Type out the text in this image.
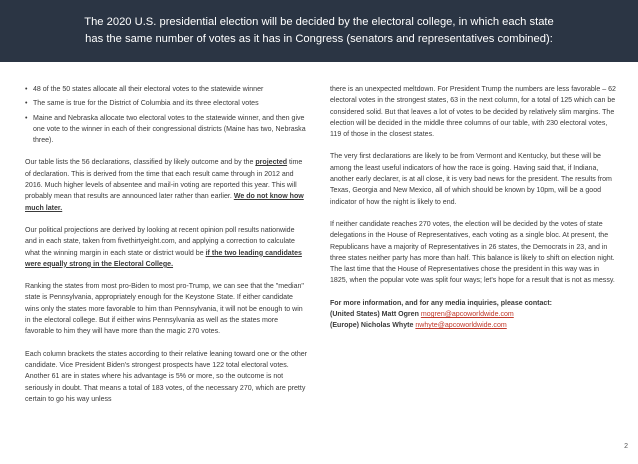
The 2020 U.S. presidential election will be decided by the electoral college, in which each state
has the same number of votes as it has in Congress (senators and representatives combined):
• 48 of the 50 states allocate all their electoral votes to the statewide winner
• The same is true for the District of Columbia and its three electoral votes
• Maine and Nebraska allocate two electoral votes to the statewide winner, and then give one vote to the winner in each of their congressional districts (Maine has two, Nebraska three).

Our table lists the 56 declarations, classified by likely outcome and by the projected time of declaration. This is derived from the time that each result came through in 2012 and 2016. Much higher levels of absentee and mail-in voting are reported this year. This will probably mean that results are announced later rather than earlier. We do not know how much later.

Our political projections are derived by looking at recent opinion poll results nationwide and in each state, taken from fivethirtyeight.com, and applying a correction to calculate what the winning margin in each state or district would be if the two leading candidates were equally strong in the Electoral College.

Ranking the states from most pro-Biden to most pro-Trump, we can see that the "median" state is Pennsylvania, appropriately enough for the Keystone State. If either candidate wins only the states more favorable to him than Pennsylvania, it will not be enough to win in the electoral college. But if either wins Pennsylvania as well as the states more favorable to him they will have more than the magic 270 votes.

Each column brackets the states according to their relative leaning toward one or the other candidate. Vice President Biden's strongest prospects have 122 total electoral votes. Another 61 are in states where his advantage is 5% or more, so the outcome is not seriously in doubt. That means a total of 183 votes, of the necessary 270, which are pretty certain to go his way unless

there is an unexpected meltdown. For President Trump the numbers are less favorable – 62 electoral votes in the strongest states, 63 in the next column, for a total of 125 which can be considered solid. But that leaves a lot of votes to be decided by relatively slim margins. The election will be decided in the middle three columns of our table, with 230 electoral votes, 119 of those in the closest states.

The very first declarations are likely to be from Vermont and Kentucky, but these will be among the least useful indicators of how the race is going. Having said that, if Indiana, another early declarer, is at all close, it is very bad news for the president. The results from Texas, Georgia and New Mexico, all of which should be known by 10pm, will be a good indicator of how the night is likely to end.

If neither candidate reaches 270 votes, the election will be decided by the votes of state delegations in the House of Representatives, each voting as a single bloc. At present, the Republicans have a majority of Representatives in 26 states, the Democrats in 23, and in three states neither party has more than half. This balance is likely to shift on election night. The last time that the House of Representatives chose the president in this way was in 1825, when the popular vote was split four ways; let's hope for a result that is not as messy.

For more information, and for any media inquiries, please contact:
(United States) Matt Ogren mogren@apcoworldwide.com
(Europe) Nicholas Whyte nwhyte@apcoworldwide.com
2
